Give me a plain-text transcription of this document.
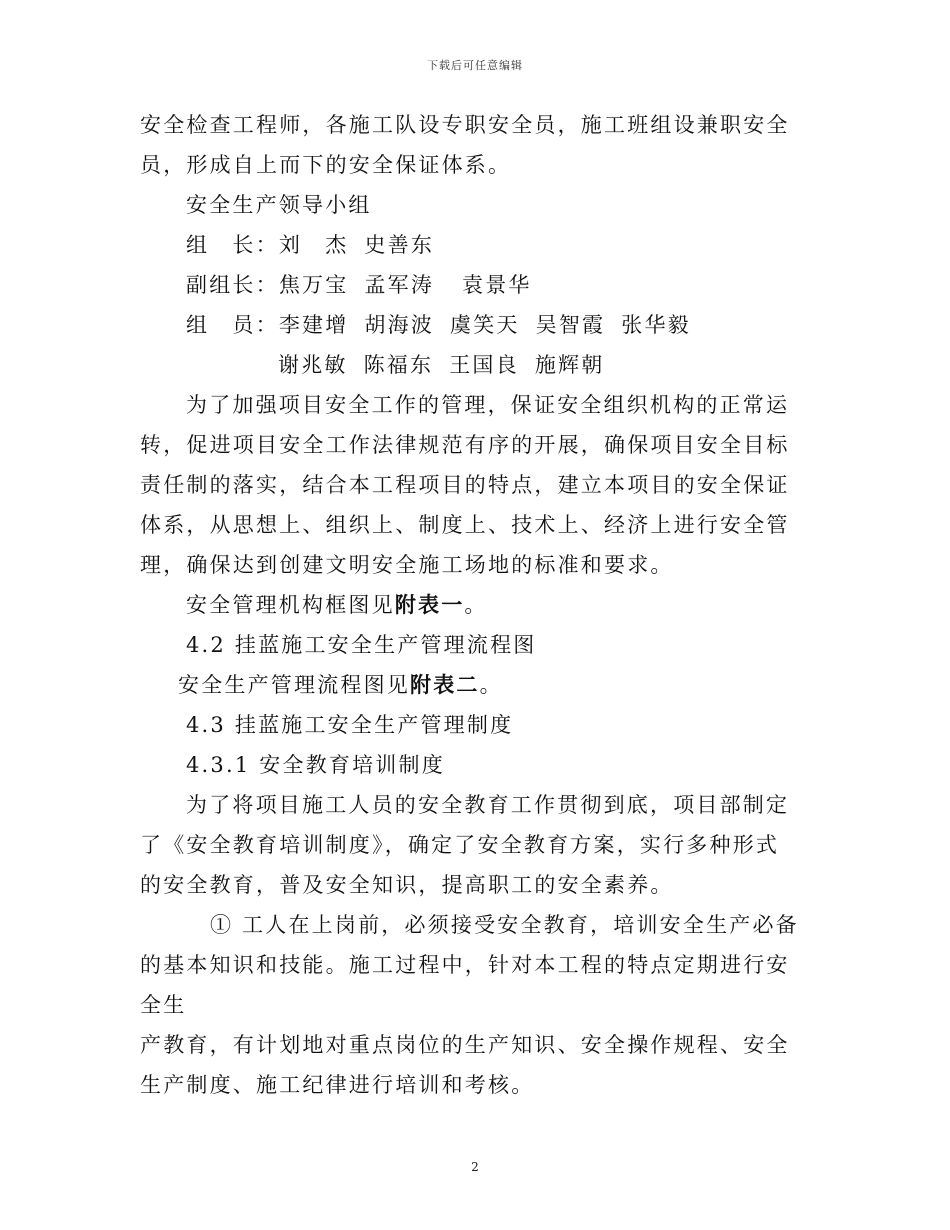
下载后可任意编辑
安全检查工程师，各施工队设专职安全员，施工班组设兼职安全
员，形成自上而下的安全保证体系。
安全生产领导小组
组　长：刘　杰 史善东
副组长：焦万宝 孟军涛 袁景华
组　员：李建增 胡海波 虞笑天 吴智霞 张华毅
谢兆敏 陈福东 王国良 施辉朝
为了加强项目安全工作的管理，保证安全组织机构的正常运
转，促进项目安全工作法律规范有序的开展，确保项目安全目标
责任制的落实，结合本工程项目的特点，建立本项目的安全保证
体系，从思想上、组织上、制度上、技术上、经济上进行安全管
理，确保达到创建文明安全施工场地的标准和要求。
安全管理机构框图见附表一。
4.2 挂蓝施工安全生产管理流程图
安全生产管理流程图见附表二。
4.3 挂蓝施工安全生产管理制度
4.3.1 安全教育培训制度
为了将项目施工人员的安全教育工作贯彻到底，项目部制定
了《安全教育培训制度》，确定了安全教育方案，实行多种形式
的安全教育，普及安全知识，提高职工的安全素养。
① 工人在上岗前，必须接受安全教育，培训安全生产必备
的基本知识和技能。施工过程中，针对本工程的特点定期进行安
全生
产教育，有计划地对重点岗位的生产知识、安全操作规程、安全
生产制度、施工纪律进行培训和考核。
2
